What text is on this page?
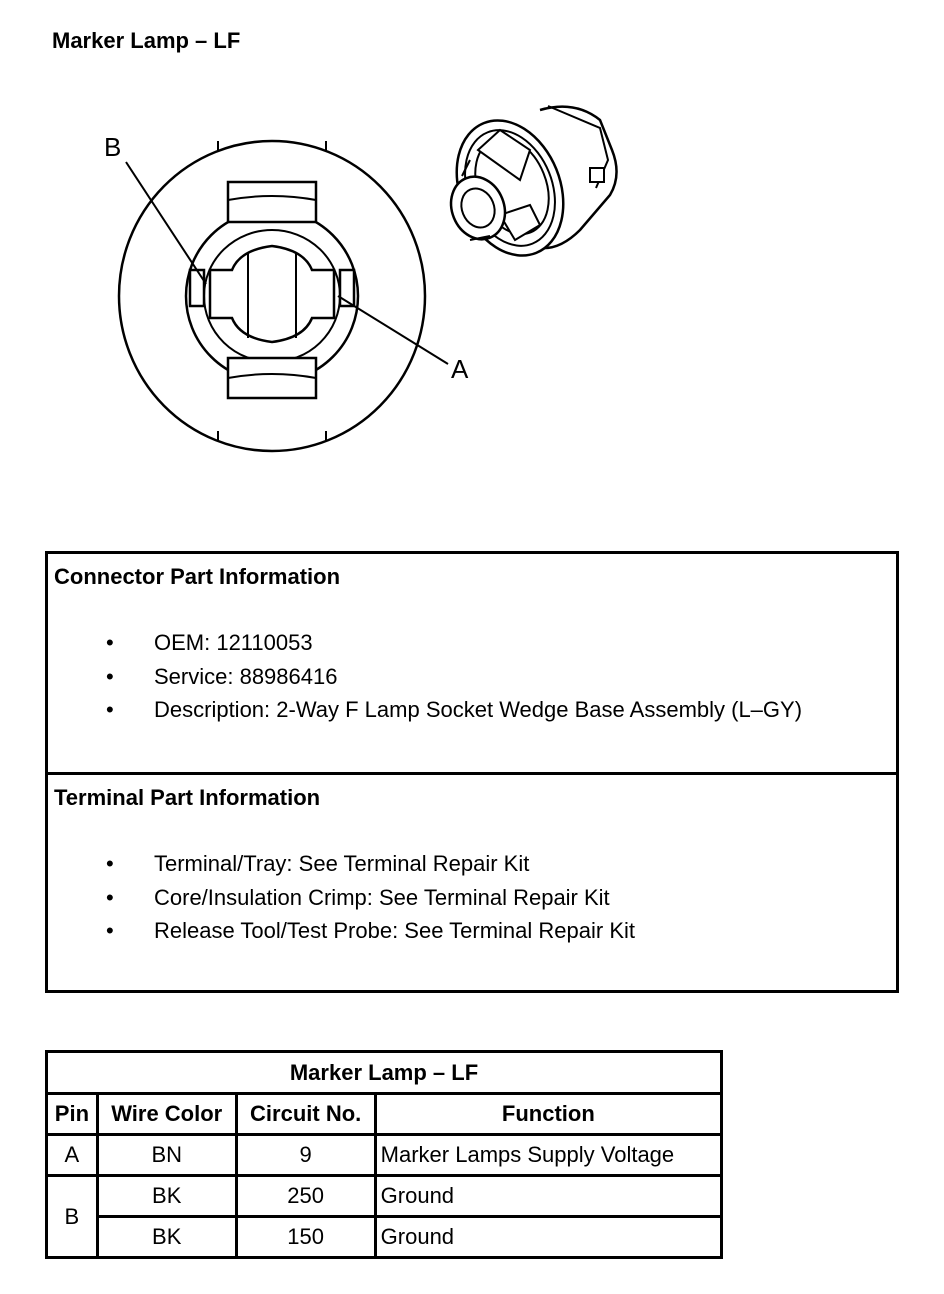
Marker Lamp – LF
B
A
Connector Part Information
• OEM: 12110053
• Service: 88986416
• Description: 2-Way F Lamp Socket Wedge Base Assembly (L–GY)
Terminal Part Information
• Terminal/Tray: See Terminal Repair Kit
• Core/Insulation Crimp: See Terminal Repair Kit
• Release Tool/Test Probe: See Terminal Repair Kit
Marker Lamp – LF			
Pin	Wire Color	Circuit No.	Function
A	BN	9	Marker Lamps Supply Voltage
B	BK	250	Ground
	BK	150	Ground
